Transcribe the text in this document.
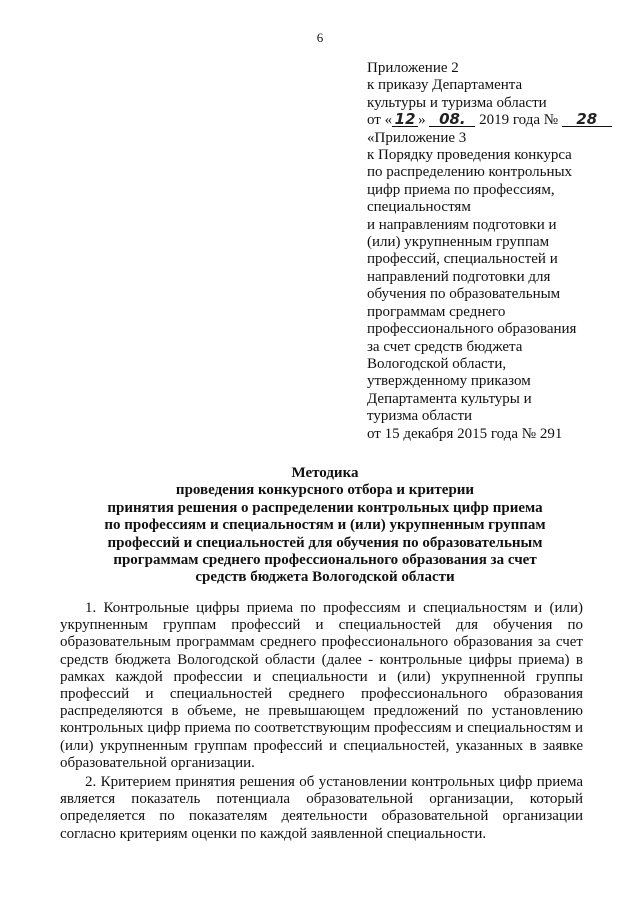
6
Приложение 2
к приказу Департамента
культуры и туризма области
от « 12 » 08. 2019 года № 28
«Приложение 3
к Порядку проведения конкурса
по распределению контрольных
цифр приема по профессиям,
специальностям
и направлениям подготовки и
(или) укрупненным группам
профессий, специальностей и
направлений подготовки для
обучения по образовательным
программам среднего
профессионального образования
за счет средств бюджета
Вологодской области,
утвержденному приказом
Департамента культуры и
туризма области
от 15 декабря 2015 года № 291
Методика
проведения конкурсного отбора и критерии
принятия решения о распределении контрольных цифр приема
по профессиям и специальностям и (или) укрупненным группам
профессий и специальностей для обучения по образовательным
программам среднего профессионального образования за счет
средств бюджета Вологодской области

1. Контрольные цифры приема по профессиям и специальностям и (или) укрупненным группам профессий и специальностей для обучения по образовательным программам среднего профессионального образования за счет средств бюджета Вологодской области (далее - контрольные цифры приема) в рамках каждой профессии и специальности и (или) укрупненной группы профессий и специальностей среднего профессионального образования распределяются в объеме, не превышающем предложений по установлению контрольных цифр приема по соответствующим профессиям и специальностям и (или) укрупненным группам профессий и специальностей, указанных в заявке образовательной организации.

2. Критерием принятия решения об установлении контрольных цифр приема является показатель потенциала образовательной организации, который определяется по показателям деятельности образовательной организации согласно критериям оценки по каждой заявленной специальности.
